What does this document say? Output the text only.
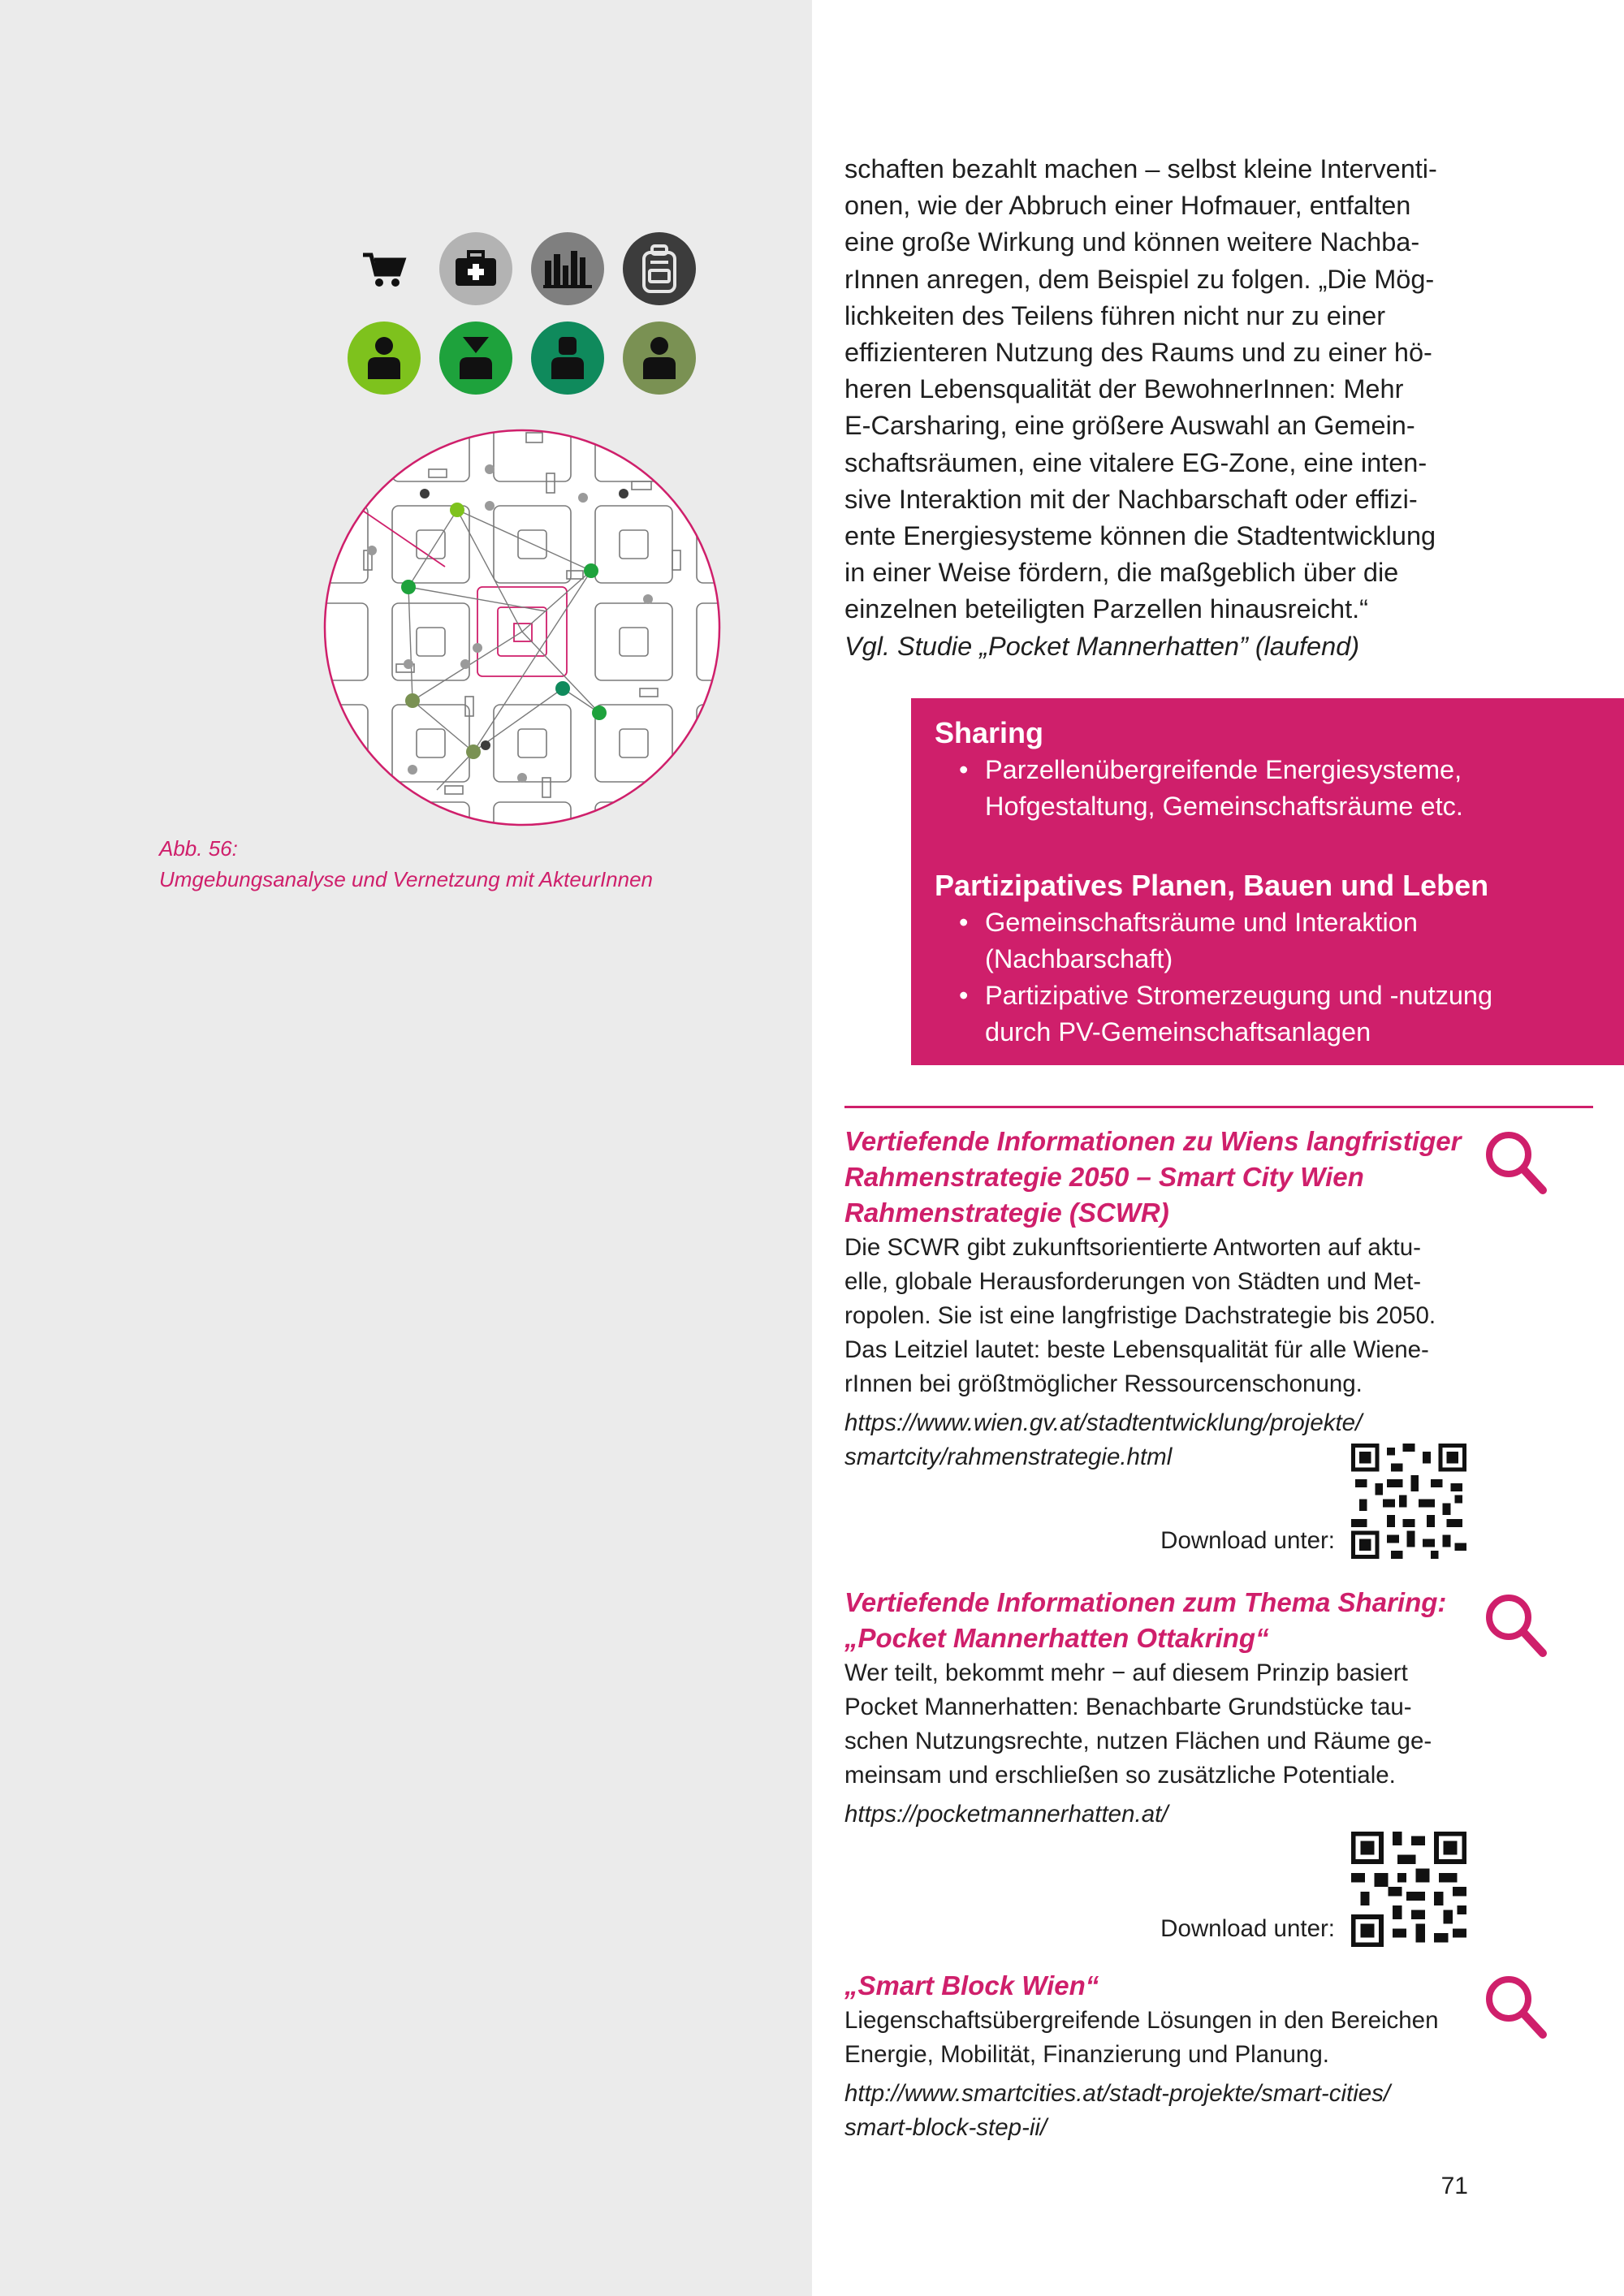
schaften bezahlt machen – selbst kleine Interventi-
onen, wie der Abbruch einer Hofmauer, entfalten
eine große Wirkung und können weitere Nachba-
rInnen anregen, dem Beispiel zu folgen. „Die Mög-
lichkeiten des Teilens führen nicht nur zu einer
effizienteren Nutzung des Raums und zu einer hö-
heren Lebensqualität der BewohnerInnen: Mehr
E-Carsharing, eine größere Auswahl an Gemein-
schaftsräumen, eine vitalere EG-Zone, eine inten-
sive Interaktion mit der Nachbarschaft oder effizi-
ente Energiesysteme können die Stadtentwicklung
in einer Weise fördern, die maßgeblich über die
einzelnen beteiligten Parzellen hinausreicht.“
Vgl. Studie „Pocket Mannerhatten” (laufend)
Abb. 56:
Umgebungsanalyse und Vernetzung mit AkteurInnen
Sharing
• Parzellenübergreifende Energiesysteme,
Hofgestaltung, Gemeinschaftsräume etc.
Partizipatives Planen, Bauen und Leben
• Gemeinschaftsräume und Interaktion
(Nachbarschaft)
• Partizipative Stromerzeugung und -nutzung
durch PV-Gemeinschaftsanlagen
Vertiefende Informationen zu Wiens langfristiger
Rahmenstrategie 2050 – Smart City Wien
Rahmenstrategie (SCWR)

Die SCWR gibt zukunftsorientierte Antworten auf aktu-
elle, globale Herausforderungen von Städten und Met-
ropolen. Sie ist eine langfristige Dachstrategie bis 2050.
Das Leitziel lautet: beste Lebensqualität für alle Wiene-
rInnen bei größtmöglicher Ressourcenschonung.

https://www.wien.gv.at/stadtentwicklung/projekte/
smartcity/rahmenstrategie.html
Download unter:
Vertiefende Informationen zum Thema Sharing:
„Pocket Mannerhatten Ottakring“

Wer teilt, bekommt mehr − auf diesem Prinzip basiert
Pocket Mannerhatten: Benachbarte Grundstücke tau-
schen Nutzungsrechte, nutzen Flächen und Räume ge-
meinsam und erschließen so zusätzliche Potentiale.

https://pocketmannerhatten.at/
Download unter:
„Smart Block Wien“

Liegenschaftsübergreifende Lösungen in den Bereichen
Energie, Mobilität, Finanzierung und Planung.

http://www.smartcities.at/stadt-projekte/smart-cities/
smart-block-step-ii/
71
